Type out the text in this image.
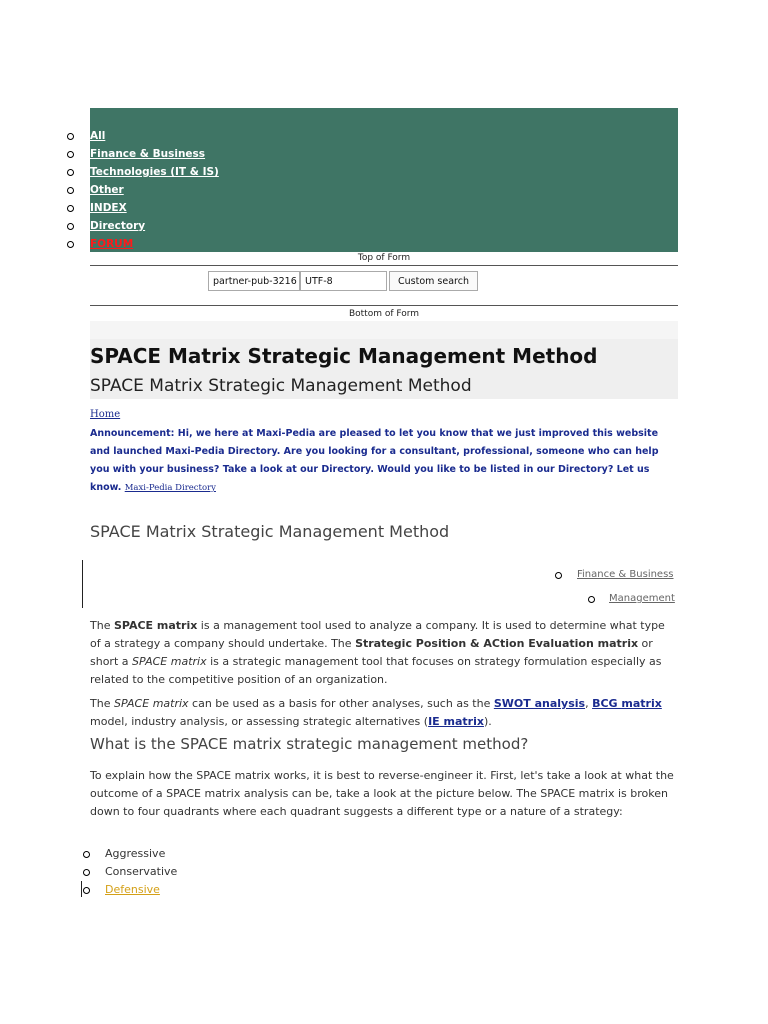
All
Finance & Business
Technologies (IT & IS)
Other
INDEX
Directory
FORUM
Top of Form
partner-pub-3216 UTF-8	Custom search
Bottom of Form
SPACE Matrix Strategic Management Method
SPACE Matrix Strategic Management Method
Home
Announcement: Hi, we here at Maxi-Pedia are pleased to let you know that we just improved this website and launched Maxi-Pedia Directory. Are you looking for a consultant, professional, someone who can help you with your business? Take a look at our Directory. Would you like to be listed in our Directory? Let us know. Maxi-Pedia Directory
SPACE Matrix Strategic Management Method
Finance & Business
Management

The SPACE matrix is a management tool used to analyze a company. It is used to determine what type of a strategy a company should undertake. The Strategic Position & ACtion Evaluation matrix or short a SPACE matrix is a strategic management tool that focuses on strategy formulation especially as related to the competitive position of an organization.

The SPACE matrix can be used as a basis for other analyses, such as the SWOT analysis, BCG matrix model, industry analysis, or assessing strategic alternatives (IE matrix).

What is the SPACE matrix strategic management method?

To explain how the SPACE matrix works, it is best to reverse-engineer it. First, let's take a look at what the outcome of a SPACE matrix analysis can be, take a look at the picture below. The SPACE matrix is broken down to four quadrants where each quadrant suggests a different type or a nature of a strategy:

Aggressive
Conservative
Defensive
